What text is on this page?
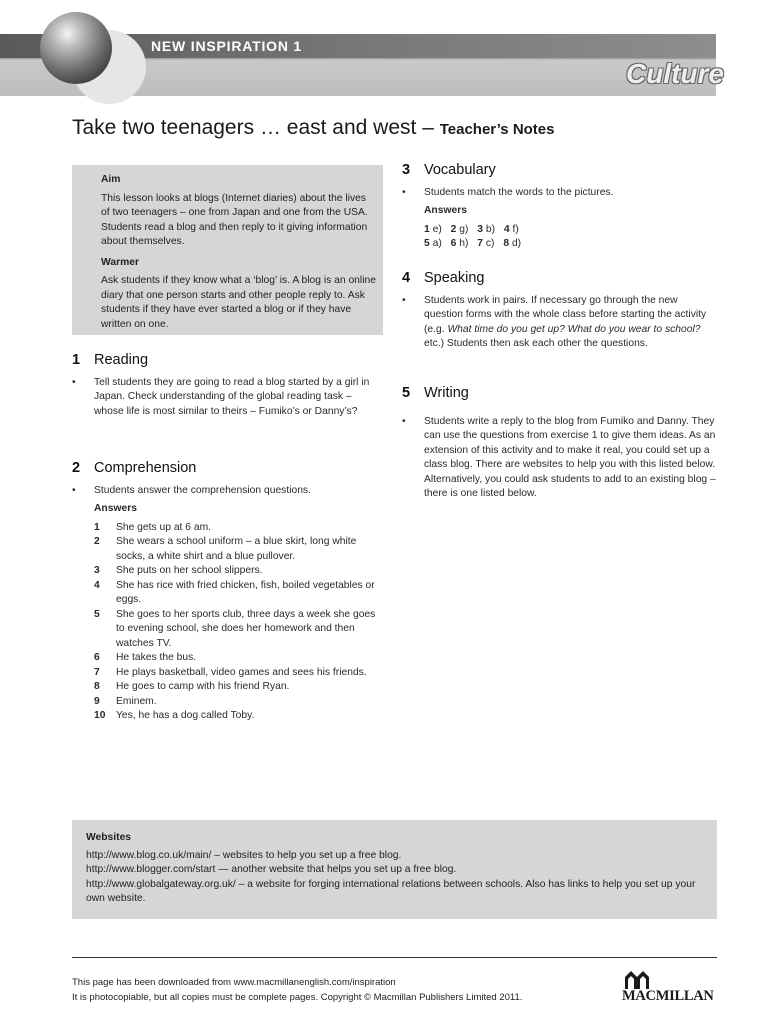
NEW INSPIRATION 1
Culture
Take two teenagers … east and west – Teacher’s Notes
Aim

This lesson looks at blogs (Internet diaries) about the lives of two teenagers – one from Japan and one from the USA. Students read a blog and then reply to it giving information about themselves.

Warmer

Ask students if they know what a ‘blog’ is. A blog is an online diary that one person starts and other people reply to. Ask students if they have ever started a blog or if they have written on one.

1 Reading
• Tell students they are going to read a blog started by a girl in Japan. Check understanding of the global reading task – whose life is most similar to theirs – Fumiko’s or Danny’s?
2 Comprehension
• Students answer the comprehension questions.
Answers
1	She gets up at 6 am.
2	She wears a school uniform – a blue skirt, long white socks, a white shirt and a blue pullover.
3	She puts on her school slippers.
4	She has rice with fried chicken, fish, boiled vegetables or eggs.
5	She goes to her sports club, three days a week she goes to evening school, she does her homework and then watches TV.
6	He takes the bus.
7	He plays basketball, video games and sees his friends.
8	He goes to camp with his friend Ryan.
9	Eminem.
10	Yes, he has a dog called Toby.
3 Vocabulary
• Students match the words to the pictures.
Answers
1 e) 2 g) 3 b) 4 f)
5 a) 6 h) 7 c) 8 d)
4 Speaking
• Students work in pairs. If necessary go through the new question forms with the whole class before starting the activity (e.g. What time do you get up? What do you wear to school? etc.) Students then ask each other the questions.
5 Writing
• Students write a reply to the blog from Fumiko and Danny. They can use the questions from exercise 1 to give them ideas. As an extension of this activity and to make it real, you could set up a class blog. There are websites to help you with this listed below. Alternatively, you could ask students to add to an existing blog – there is one listed below.
Websites
http://www.blog.co.uk/main/ – websites to help you set up a free blog.
http://www.blogger.com/start — another website that helps you set up a free blog.
http://www.globalgateway.org.uk/ – a website for forging international relations between schools. Also has links to help you set up your own website.
This page has been downloaded from www.macmillanenglish.com/inspiration
It is photocopiable, but all copies must be complete pages. Copyright © Macmillan Publishers Limited 2011.	MACMILLAN
